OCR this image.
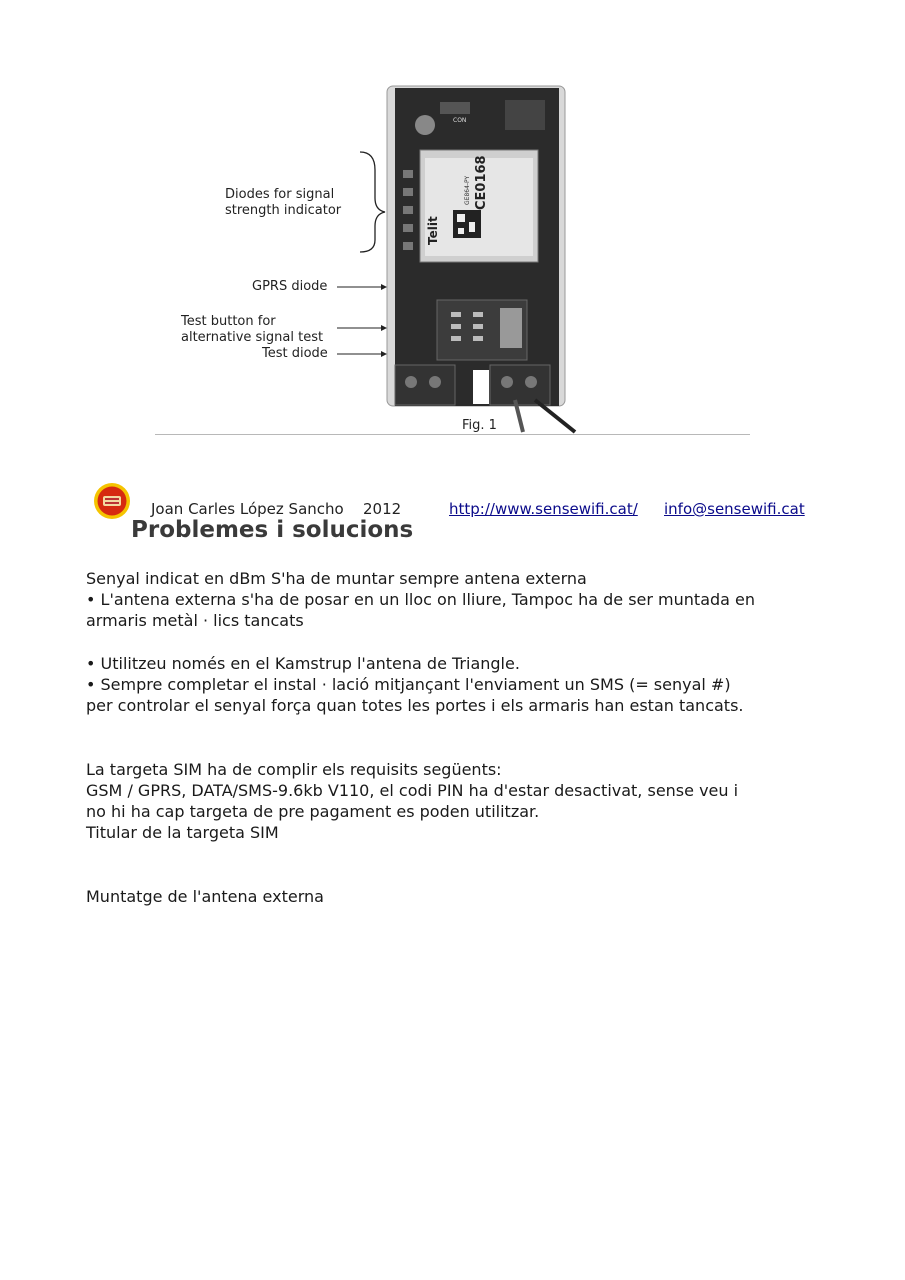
CON
Telit
GE864-PY CE0168
Diodes for signal
strength indicator
GPRS diode
Test button for
alternative signal test
Test diode
Fig. 1
Joan Carles López Sancho 2012	http://www.sensewifi.cat/ info@sensewifi.cat
Problemes i solucions

Senyal indicat en dBm S'ha de muntar sempre antena externa

• L'antena externa s'ha de posar en un lloc on lliure, Tampoc ha de ser muntada en

armaris metàl · lics tancats

• Utilitzeu només en el Kamstrup l'antena de Triangle.

• Sempre completar el instal · lació mitjançant l'enviament un SMS (= senyal #)

per controlar el senyal força quan totes les portes i els armaris han estan tancats.

La targeta SIM ha de complir els requisits següents:

GSM / GPRS, DATA/SMS-9.6kb V110, el codi PIN ha d'estar desactivat, sense veu i

no hi ha cap targeta de pre pagament es poden utilitzar.

Titular de la targeta SIM

Muntatge de l'antena externa
